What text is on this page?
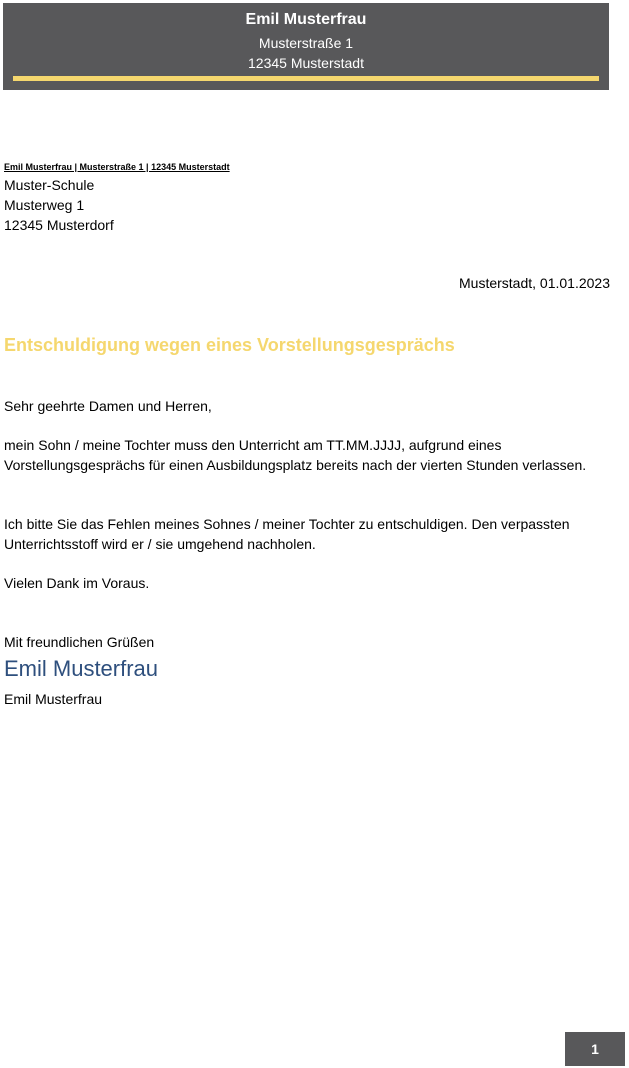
Emil Musterfrau
Musterstraße 1
12345 Musterstadt
Emil Musterfrau | Musterstraße 1 | 12345 Musterstadt
Muster-Schule
Musterweg 1
12345 Musterdorf
Musterstadt, 01.01.2023
Entschuldigung wegen eines Vorstellungsgesprächs
Sehr geehrte Damen und Herren,
mein Sohn / meine Tochter muss den Unterricht am TT.MM.JJJJ, aufgrund eines Vorstellungsgesprächs für einen Ausbildungsplatz bereits nach der vierten Stunden verlassen.
Ich bitte Sie das Fehlen meines Sohnes / meiner Tochter zu entschuldigen. Den verpassten Unterrichtsstoff wird er / sie umgehend nachholen.
Vielen Dank im Voraus.
Mit freundlichen Grüßen
Emil Musterfrau
Emil Musterfrau
1
